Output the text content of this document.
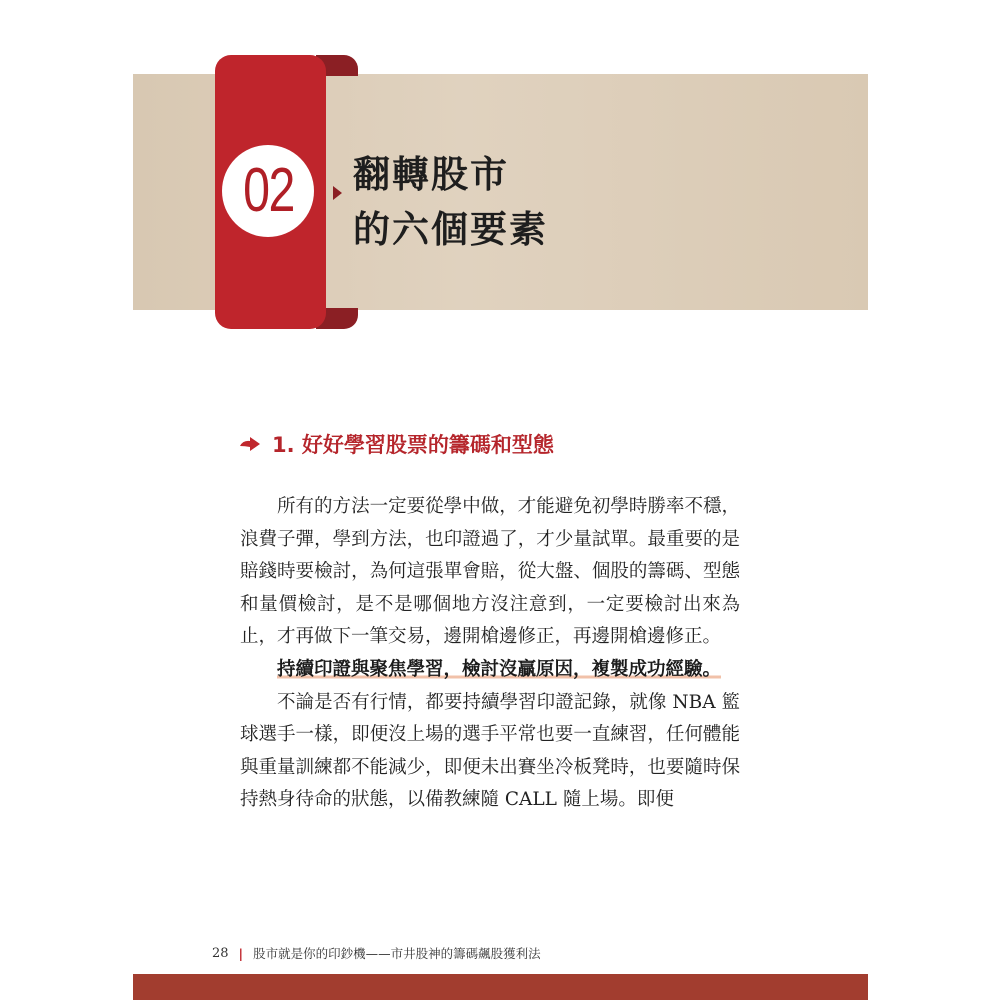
02 翻轉股市
的六個要素
1. 好好學習股票的籌碼和型態

所有的方法一定要從學中做，才能避免初學時勝率不穩，浪費子彈，學到方法，也印證過了，才少量試單。最重要的是賠錢時要檢討，為何這張單會賠，從大盤、個股的籌碼、型態和量價檢討，是不是哪個地方沒注意到，一定要檢討出來為止，才再做下一筆交易，邊開槍邊修正，再邊開槍邊修正。

持續印證與聚焦學習，檢討沒贏原因，複製成功經驗。

不論是否有行情，都要持續學習印證記錄，就像 NBA 籃球選手一樣，即便沒上場的選手平常也要一直練習，任何體能與重量訓練都不能減少，即便未出賽坐冷板凳時，也要隨時保持熱身待命的狀態，以備教練隨 CALL 隨上場。即便

28 | 股市就是你的印鈔機——市井股神的籌碼飆股獲利法
